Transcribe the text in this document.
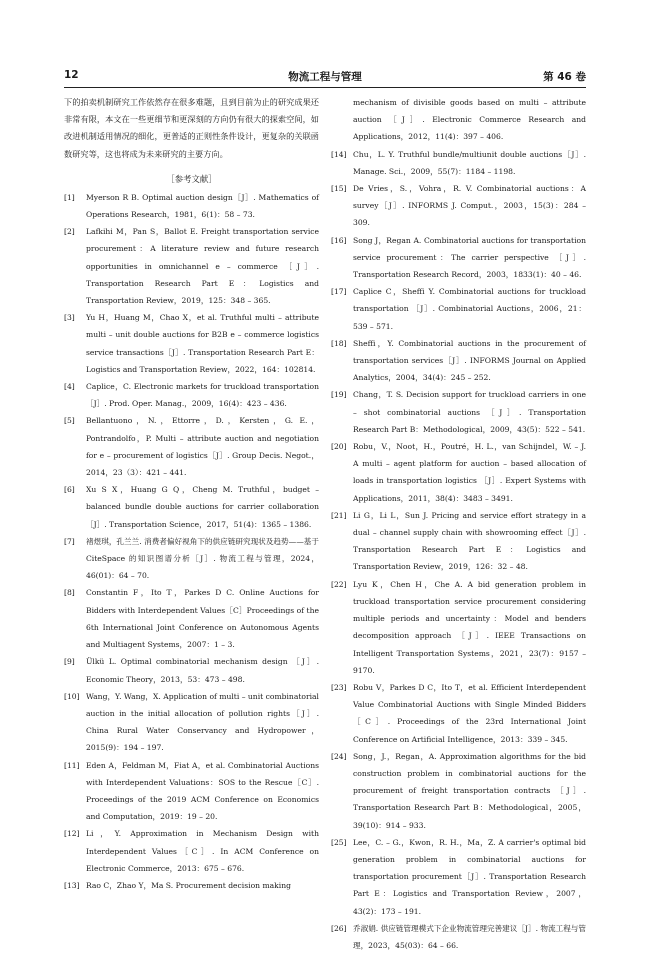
12	物流工程与管理	第 46 卷

下的拍卖机制研究工作依然存在很多难题，且到目前为止的研究成果还非常有限，本文在一些更细节和更深刻的方向仍有很大的探索空间，如改进机制适用情况的细化，更普适的正则性条件设计，更复杂的关联函数研究等，这也将成为未来研究的主要方向。

［参考文献］
[1]	Myerson R B. Optimal auction design［J］. Mathematics of Operations Research，1981，6(1)：58 – 73.
[2]	Lafkihi M，Pan S，Ballot E. Freight transportation service procurement：A literature review and future research opportunities in omnichannel e – commerce ［J］. Transportation Research Part E：Logistics and Transportation Review，2019，125：348 – 365.
[3]	Yu H，Huang M，Chao X，et al. Truthful multi – attribute multi – unit double auctions for B2B e – commerce logistics service transactions［J］. Transportation Research Part E：Logistics and Transportation Review，2022，164：102814.
[4]	Caplice，C. Electronic markets for truckload transportation［J］. Prod. Oper. Manag.，2009，16(4)：423 – 436.
[5]	Bellantuono，N.，Ettorre，D.，Kersten，G. E.，Pontrandolfo，P. Multi – attribute auction and negotiation for e – procurement of logistics［J］. Group Decis. Negot.，2014，23（3）：421 – 441.
[6]	Xu S X，Huang G Q，Cheng M. Truthful，budget – balanced bundle double auctions for carrier collaboration ［J］. Transportation Science，2017，51(4)：1365 – 1386.
[7]	褚煜琪，孔兰兰. 消费者偏好视角下的供应链研究现状及趋势——基于 CiteSpace 的知识图谱分析［J］. 物流工程与管理，2024，46(01)：64 – 70.
[8]	Constantin F，Ito T，Parkes D C. Online Auctions for Bidders with Interdependent Values［C］Proceedings of the 6th International Joint Conference on Autonomous Agents and Multiagent Systems，2007：1 – 3.
[9]	Ülkü L. Optimal combinatorial mechanism design ［J］. Economic Theory，2013，53：473 – 498.
[10] Wang，Y. Wang，X. Application of multi – unit combinatorial auction in the initial allocation of pollution rights［J］. China Rural Water Conservancy and Hydropower，2015(9)：194 – 197.
[11] Eden A，Feldman M，Fiat A，et al. Combinatorial Auctions with Interdependent Valuations：SOS to the Rescue［C］. Proceedings of the 2019 ACM Conference on Economics and Computation，2019：19 – 20.
[12] Li，Y. Approximation in Mechanism Design with Interdependent Values［C］. In ACM Conference on Electronic Commerce，2013：675 – 676.
[13] Rao C，Zhao Y，Ma S. Procurement decision making
mechanism of divisible goods based on multi – attribute auction ［J］. Electronic Commerce Research and Applications，2012，11(4)：397 – 406.
[14] Chu，L. Y. Truthful bundle/multiunit double auctions［J］. Manage. Sci.，2009，55(7)：1184 – 1198.
[15] De Vries，S.，Vohra，R. V. Combinatorial auctions：A survey［J］. INFORMS J. Comput.，2003，15(3)：284 – 309.
[16] Song J，Regan A. Combinatorial auctions for transportation service procurement：The carrier perspective ［J］. Transportation Research Record，2003，1833(1)：40 – 46.
[17] Caplice C，Sheffi Y. Combinatorial auctions for truckload transportation ［J］. Combinatorial Auctions，2006，21：539 – 571.
[18] Sheffi，Y. Combinatorial auctions in the procurement of transportation services［J］. INFORMS Journal on Applied Analytics，2004，34(4)：245 – 252.
[19] Chang，T. S. Decision support for truckload carriers in one – shot combinatorial auctions ［J］. Transportation Research Part B：Methodological，2009，43(5)：522 – 541.
[20] Robu，V.，Noot，H.，Poutré，H. L.，van Schijndel，W. – J. A multi – agent platform for auction – based allocation of loads in transportation logistics ［J］. Expert Systems with Applications，2011，38(4)：3483 – 3491.
[21] Li G，Li L，Sun J. Pricing and service effort strategy in a dual – channel supply chain with showrooming effect［J］. Transportation Research Part E：Logistics and Transportation Review，2019，126：32 – 48.
[22] Lyu K，Chen H，Che A. A bid generation problem in truckload transportation service procurement considering multiple periods and uncertainty：Model and benders decomposition approach ［J］. IEEE Transactions on Intelligent Transportation Systems，2021，23(7)：9157 – 9170.
[23] Robu V，Parkes D C，Ito T，et al. Efficient Interdependent Value Combinatorial Auctions with Single Minded Bidders［C］. Proceedings of the 23rd International Joint Conference on Artificial Intelligence，2013：339 – 345.
[24] Song，J.，Regan，A. Approximation algorithms for the bid construction problem in combinatorial auctions for the procurement of freight transportation contracts ［J］. Transportation Research Part B：Methodological，2005，39(10)：914 – 933.
[25] Lee，C. – G.，Kwon，R. H.，Ma，Z. A carrier's optimal bid generation problem in combinatorial auctions for transportation procurement［J］. Transportation Research Part E：Logistics and Transportation Review，2007，43(2)：173 – 191.
[26] 乔淑娟. 供应链管理模式下企业物流管理完善建议［J］. 物流工程与管理，2023，45(03)：64 – 66.
